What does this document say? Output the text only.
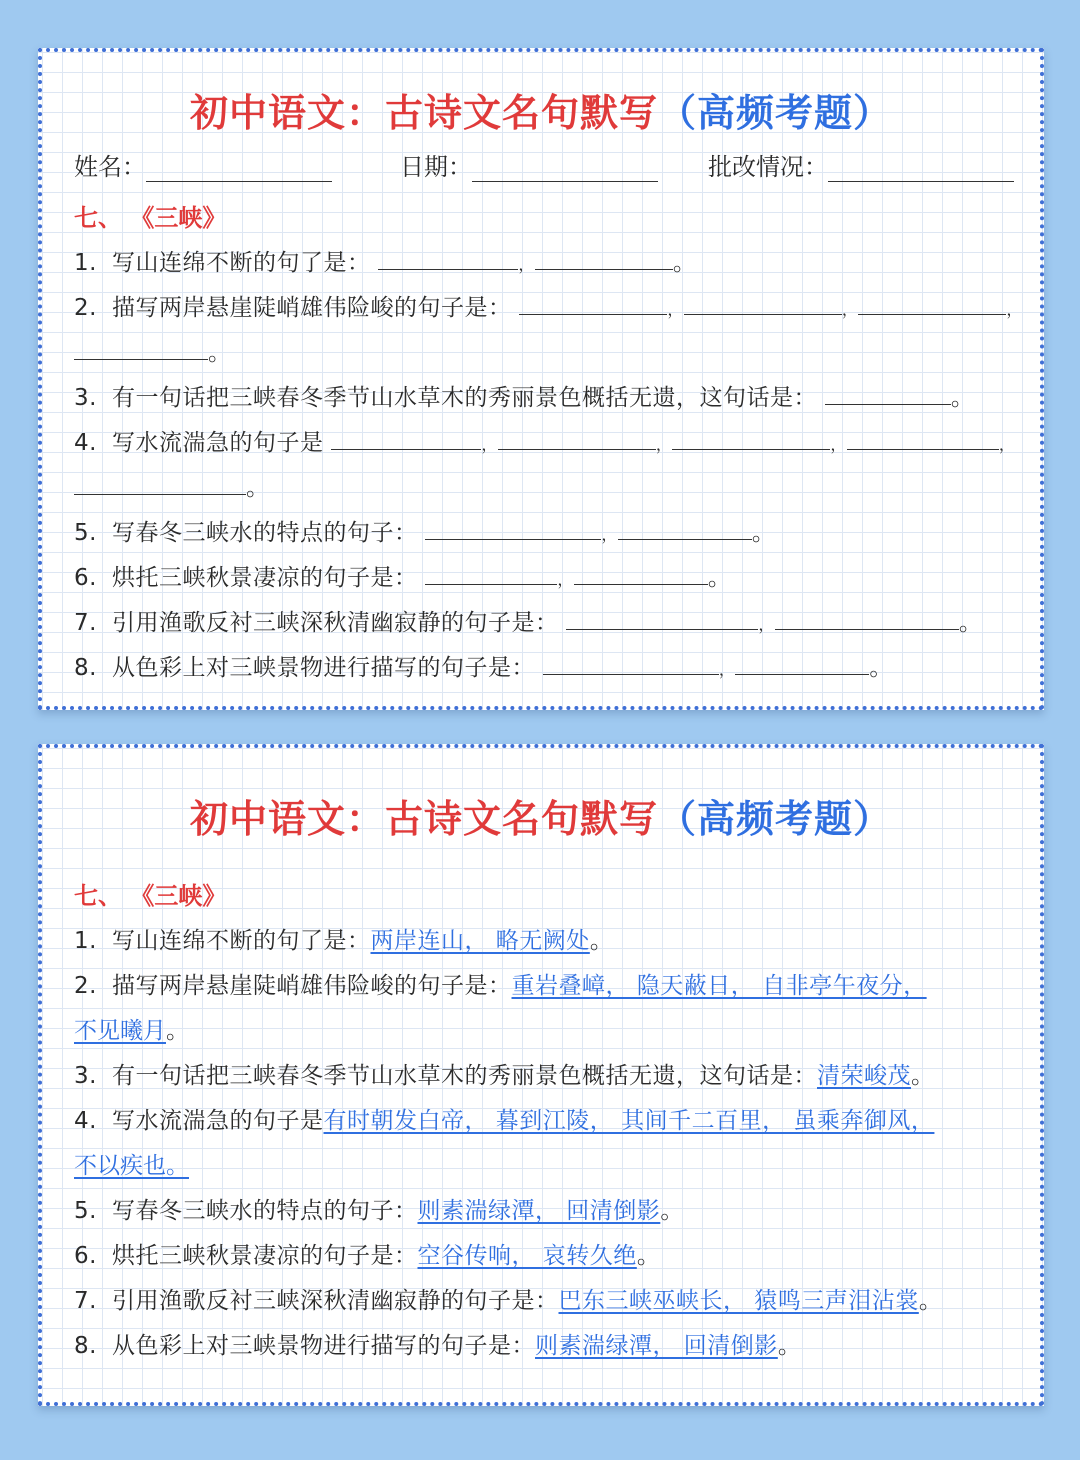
初中语文：古诗文名句默写（高频考题）
姓名：	日期：	批改情况：
七、 《三峡》
1. 写山连绵不断的句了是：	，	。
2. 描写两岸悬崖陡峭雄伟险峻的句子是：	，	，	，
。
3. 有一句话把三峡春冬季节山水草木的秀丽景色概括无遗，这句话是：	。
4. 写水流湍急的句子是	，	，	，	，
。
5. 写春冬三峡水的特点的句子：	，	。
6. 烘托三峡秋景凄凉的句子是：	，	。
7. 引用渔歌反衬三峡深秋清幽寂静的句子是：	，	。
8. 从色彩上对三峡景物进行描写的句子是：	，	。
初中语文：古诗文名句默写（高频考题）
七、 《三峡》
1. 写山连绵不断的句了是：两岸连山， 略无阙处。
2. 描写两岸悬崖陡峭雄伟险峻的句子是：重岩叠嶂， 隐天蔽日， 自非亭午夜分，
不见曦月。
3. 有一句话把三峡春冬季节山水草木的秀丽景色概括无遗，这句话是：清荣峻茂。
4. 写水流湍急的句子是有时朝发白帝， 暮到江陵， 其间千二百里， 虽乘奔御风，
不以疾也。
5. 写春冬三峡水的特点的句子：则素湍绿潭， 回清倒影。
6. 烘托三峡秋景凄凉的句子是：空谷传响， 哀转久绝。
7. 引用渔歌反衬三峡深秋清幽寂静的句子是：巴东三峡巫峡长， 猿鸣三声泪沾裳。
8. 从色彩上对三峡景物进行描写的句子是：则素湍绿潭， 回清倒影。
